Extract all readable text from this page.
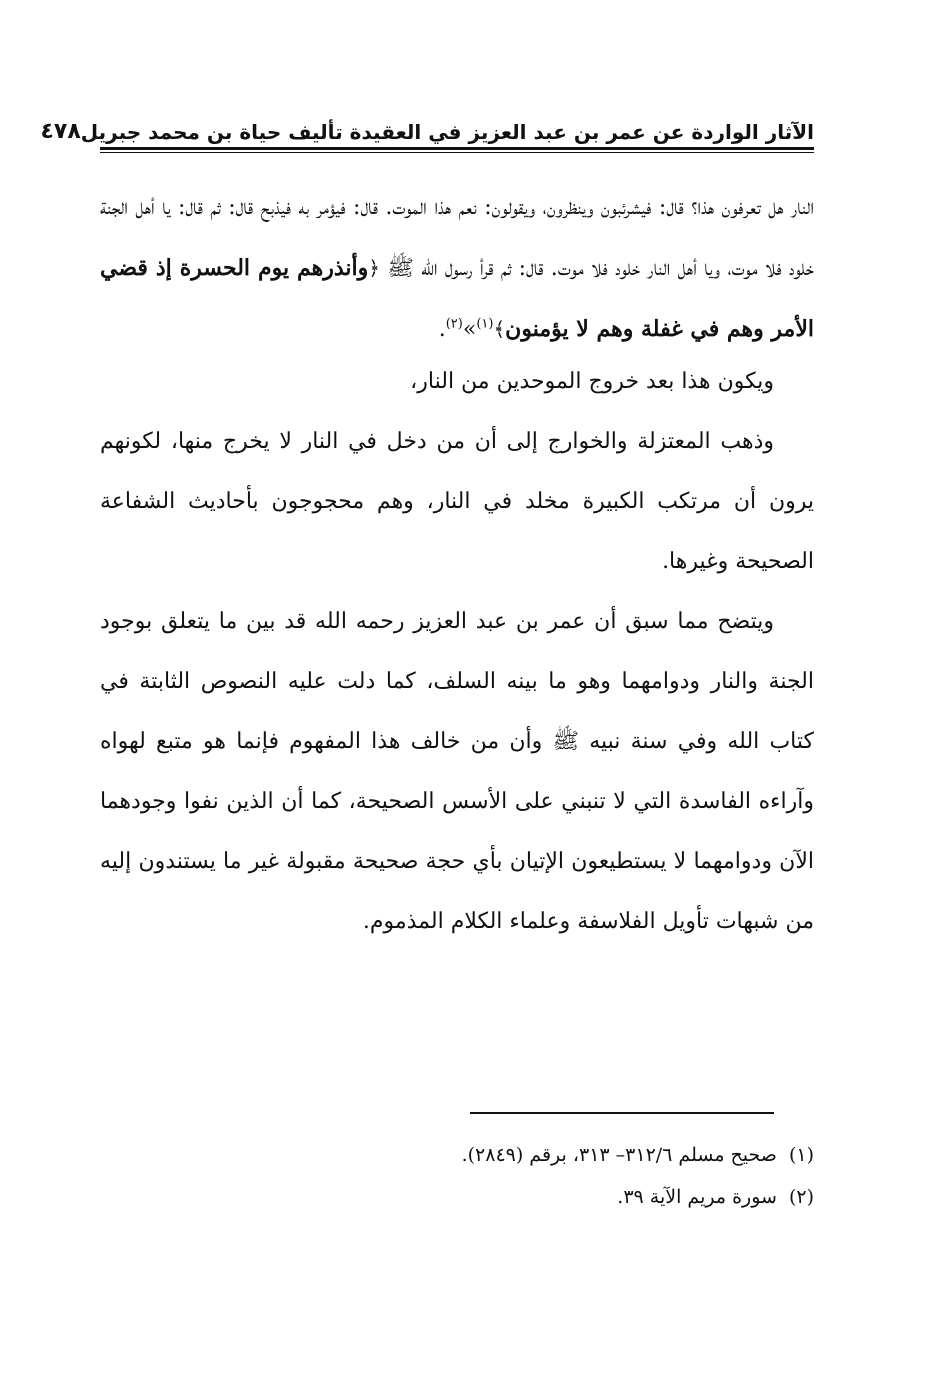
الآثار الواردة عن عمر بن عبد العزيز في العقيدة تأليف حياة بن محمد جبريل
٤٧٨

النار هل تعرفون هذا؟ قال: فيشرئبون وينظرون، ويقولون: نعم هذا الموت. قال: فيؤمر به فيذبح قال: ثم قال: يا أهل الجنة خلود فلا موت، ويا أهل النار خلود فلا موت. قال: ثم قرأ رسول الله ﷺ ﴿وأنذرهم يوم الحسرة إذ قضي الأمر وهم في غفلة وهم لا يؤمنون﴾$^{(١)}$»$^{(٢)}$.

ويكون هذا بعد خروج الموحدين من النار،

وذهب المعتزلة والخوارج إلى أن من دخل في النار لا يخرج منها، لكونهم يرون أن مرتكب الكبيرة مخلد في النار، وهم محجوجون بأحاديث الشفاعة الصحيحة وغيرها.

ويتضح مما سبق أن عمر بن عبد العزيز رحمه الله قد بين ما يتعلق بوجود الجنة والنار ودوامهما وهو ما بينه السلف، كما دلت عليه النصوص الثابتة في كتاب الله وفي سنة نبيه ﷺ وأن من خالف هذا المفهوم فإنما هو متبع لهواه وآراءه الفاسدة التي لا تنبني على الأسس الصحيحة، كما أن الذين نفوا وجودهما الآن ودوامهما لا يستطيعون الإتيان بأي حجة صحيحة مقبولة غير ما يستندون إليه من شبهات تأويل الفلاسفة وعلماء الكلام المذموم.

(١)صحيح مسلم ٣١٢/٦– ٣١٣، برقم (٢٨٤٩).

(٢)سورة مريم الآية ٣٩.
